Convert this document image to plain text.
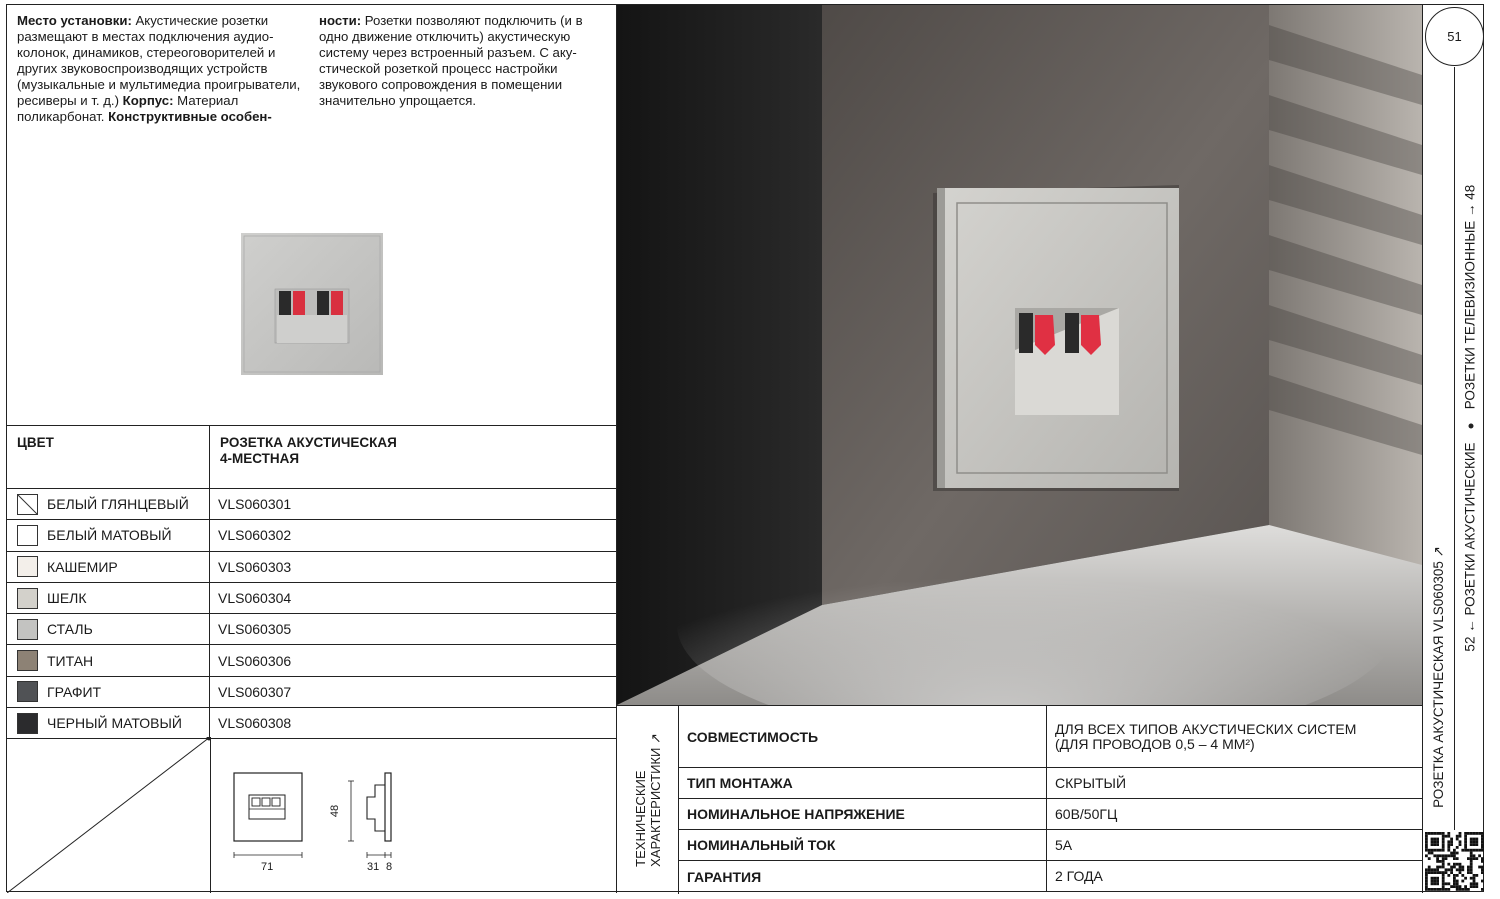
Место установки: Акустические розетки размещают в местах подключения аудиоколонок, динамиков, стереоговорителей и других звуковоспроизводящих устройств (музыкальные и мультимедиа проигрыватели, ресиверы и т. д.) Корпус: Материал поликарбонат. Конструктивные особен-
ности: Розетки позволяют подключить (и в одно движение отключить) акустическую систему через встроенный разъем. С акустической розеткой процесс настройки звукового сопровождения в помещении значительно упрощается.
ЦВЕТ	РОЗЕТКА АКУСТИЧЕСКАЯ
4-МЕСТНАЯ
БЕЛЫЙ ГЛЯНЦЕВЫЙ	VLS060301
БЕЛЫЙ МАТОВЫЙ	VLS060302
КАШЕМИР	VLS060303
ШЕЛК	VLS060304
СТАЛЬ	VLS060305
ТИТАН	VLS060306
ГРАФИТ	VLS060307
ЧЕРНЫЙ МАТОВЫЙ	VLS060308
71
48
31 8
ТЕХНИЧЕСКИЕ ХАРАКТЕРИСТИКИ ↗	СОВМЕСТИМОСТЬ	ДЛЯ ВСЕХ ТИПОВ АКУСТИЧЕСКИХ СИСТЕМ
(ДЛЯ ПРОВОДОВ 0,5 – 4 ММ²)
ТИП МОНТАЖА	СКРЫТЫЙ
НОМИНАЛЬНОЕ НАПРЯЖЕНИЕ	60В/50ГЦ
НОМИНАЛЬНЫЙ ТОК	5А
ГАРАНТИЯ	2 ГОДА
51
РОЗЕТКИ ТЕЛЕВИЗИОННЫЕ → 48
52 ← РОЗЕТКИ АКУСТИЧЕСКИЕ
РОЗЕТКА АКУСТИЧЕСКАЯ VLS060305 ↗
